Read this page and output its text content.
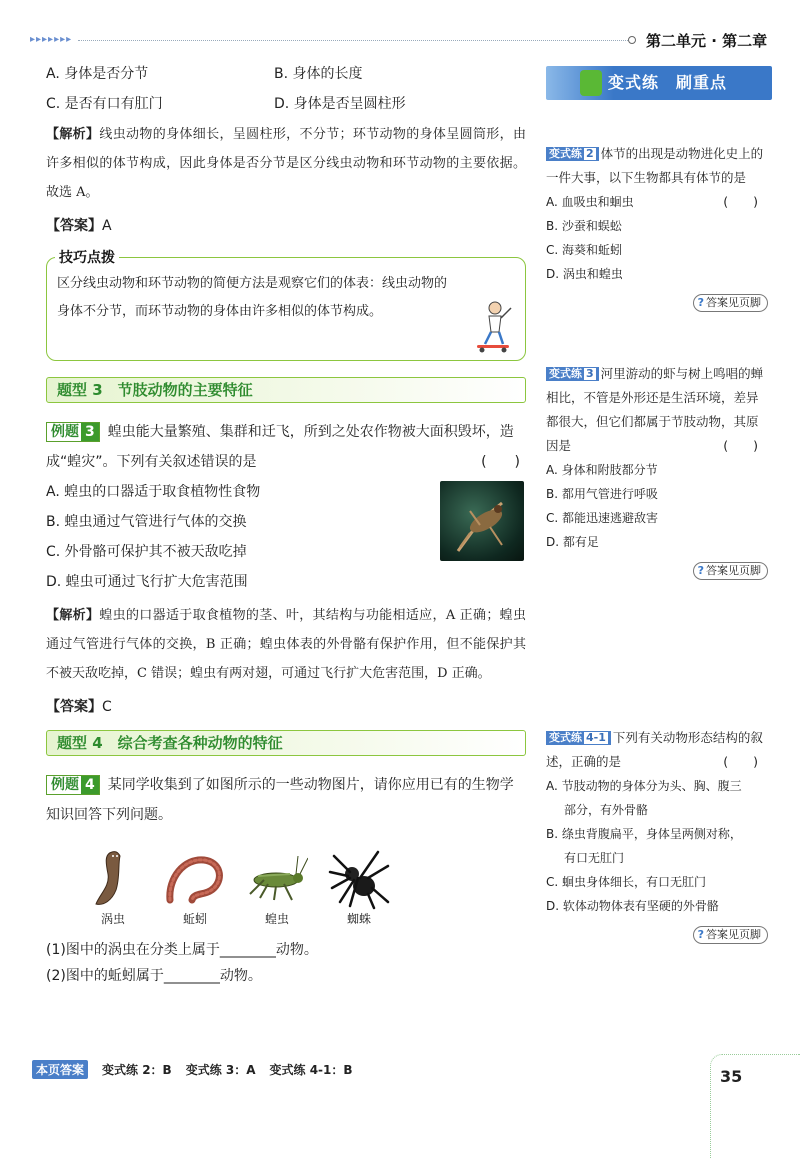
▸▸▸▸▸▸▸	第二单元 · 第二章
A. 身体是否分节	B. 身体的长度
C. 是否有口有肛门	D. 身体是否呈圆柱形
【解析】线虫动物的身体细长，呈圆柱形，不分节；环节动物的身体呈圆筒形，由许多相似的体节构成，因此身体是否分节是区分线虫动物和环节动物的主要依据。故选 A。
【答案】A
技巧点拨
区分线虫动物和环节动物的简便方法是观察它们的体表：线虫动物的身体不分节，而环节动物的身体由许多相似的体节构成。
题型 3　节肢动物的主要特征
例题 3 蝗虫能大量繁殖、集群和迁飞，所到之处农作物被大面积毁坏，造成“蝗灾”。下列有关叙述错误的是	(　　)
A. 蝗虫的口器适于取食植物性食物
B. 蝗虫通过气管进行气体的交换
C. 外骨骼可保护其不被天敌吃掉
D. 蝗虫可通过飞行扩大危害范围
【解析】蝗虫的口器适于取食植物的茎、叶，其结构与功能相适应，A 正确；蝗虫通过气管进行气体的交换，B 正确；蝗虫体表的外骨骼有保护作用，但不能保护其不被天敌吃掉，C 错误；蝗虫有两对翅，可通过飞行扩大危害范围，D 正确。
【答案】C
题型 4　综合考查各种动物的特征
例题 4 某同学收集到了如图所示的一些动物图片，请你应用已有的生物学知识回答下列问题。
涡虫	蚯蚓	蝗虫	蜘蛛
(1)图中的涡虫在分类上属于________动物。
(2)图中的蚯蚓属于________动物。
变式练　刷重点
变式练 2 体节的出现是动物进化史上的一件大事，以下生物都具有体节的是
(　　)
A. 血吸虫和蛔虫
B. 沙蚕和蜈蚣
C. 海葵和蚯蚓
D. 涡虫和蝗虫
? 答案见页脚
变式练 3 河里游动的虾与树上鸣唱的蝉相比，不管是外形还是生活环境，差异都很大，但它们都属于节肢动物，其原因是	(　　)
A. 身体和附肢都分节
B. 都用气管进行呼吸
C. 都能迅速逃避敌害
D. 都有足
? 答案见页脚
变式练 4-1 下列有关动物形态结构的叙述，正确的是	(　　)
A. 节肢动物的身体分为头、胸、腹三
部分，有外骨骼
B. 绦虫背腹扁平，身体呈两侧对称，
有口无肛门
C. 蛔虫身体细长，有口无肛门
D. 软体动物体表有坚硬的外骨骼
? 答案见页脚
本页答案	变式练 2：B 变式练 3：A 变式练 4-1：B	35
